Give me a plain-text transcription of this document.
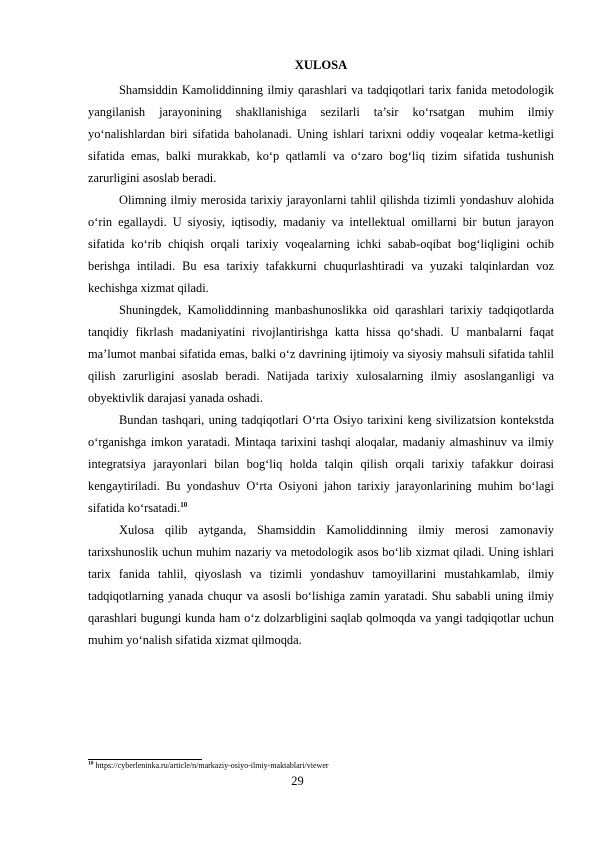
XULOSA

Shamsiddin Kamoliddinning ilmiy qarashlari va tadqiqotlari tarix fanida metodologik yangilanish jarayonining shakllanishiga sezilarli ta’sir ko‘rsatgan muhim ilmiy yo‘nalishlardan biri sifatida baholanadi. Uning ishlari tarixni oddiy voqealar ketma-ketligi sifatida emas, balki murakkab, ko‘p qatlamli va o‘zaro bog‘liq tizim sifatida tushunish zarurligini asoslab beradi.

Olimning ilmiy merosida tarixiy jarayonlarni tahlil qilishda tizimli yondashuv alohida o‘rin egallaydi. U siyosiy, iqtisodiy, madaniy va intellektual omillarni bir butun jarayon sifatida ko‘rib chiqish orqali tarixiy voqealarning ichki sabab-oqibat bog‘liqligini ochib berishga intiladi. Bu esa tarixiy tafakkurni chuqurlashtiradi va yuzaki talqinlardan voz kechishga xizmat qiladi.

Shuningdek, Kamoliddinning manbashunoslikka oid qarashlari tarixiy tadqiqotlarda tanqidiy fikrlash madaniyatini rivojlantirishga katta hissa qo‘shadi. U manbalarni faqat ma’lumot manbai sifatida emas, balki o‘z davrining ijtimoiy va siyosiy mahsuli sifatida tahlil qilish zarurligini asoslab beradi. Natijada tarixiy xulosalarning ilmiy asoslanganligi va obyektivlik darajasi yanada oshadi.

Bundan tashqari, uning tadqiqotlari O‘rta Osiyo tarixini keng sivilizatsion kontekstda o‘rganishga imkon yaratadi. Mintaqa tarixini tashqi aloqalar, madaniy almashinuv va ilmiy integratsiya jarayonlari bilan bog‘liq holda talqin qilish orqali tarixiy tafakkur doirasi kengaytiriladi. Bu yondashuv O‘rta Osiyoni jahon tarixiy jarayonlarining muhim bo‘lagi sifatida ko‘rsatadi.$^{10}$

Xulosa qilib aytganda, Shamsiddin Kamoliddinning ilmiy merosi zamonaviy tarixshunoslik uchun muhim nazariy va metodologik asos bo‘lib xizmat qiladi. Uning ishlari tarix fanida tahlil, qiyoslash va tizimli yondashuv tamoyillarini mustahkamlab, ilmiy tadqiqotlarning yanada chuqur va asosli bo‘lishiga zamin yaratadi. Shu sababli uning ilmiy qarashlari bugungi kunda ham o‘z dolzarbligini saqlab qolmoqda va yangi tadqiqotlar uchun muhim yo‘nalish sifatida xizmat qilmoqda.

$^{10}$ https://cyberleninka.ru/article/n/markaziy-osiyo-ilmiy-maktablari/viewer
29
